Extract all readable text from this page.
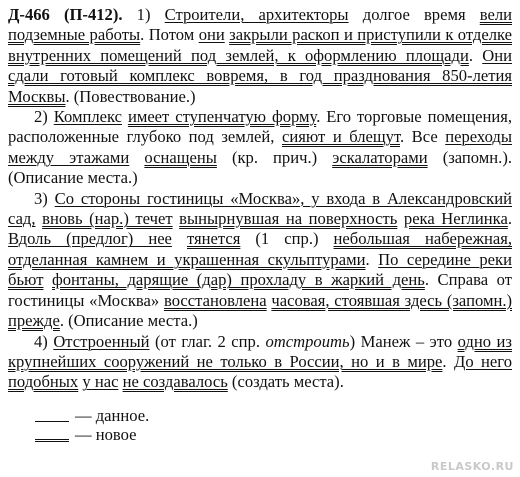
Д-466 (П-412). 1) Строители, архитекторы долгое время вели подземные работы. Потом они закрыли раскоп и приступили к отделке внутренних помещений под землей, к оформлению площади. Они сдали готовый комплекс вовремя, в год празднования 850-летия Москвы. (Повествование.)

2) Комплекс имеет ступенчатую форму. Его торговые помещения, расположенные глубоко под землей, сияют и блещут. Все переходы между этажами оснащены (кр. прич.) эскалаторами (запомн.). (Описание места.)

3) Со стороны гостиницы «Москва», у входа в Александровский сад, вновь (нар.) течет вынырнувшая на поверхность река Неглинка. Вдоль (предлог) нее тянется (1 спр.) небольшая набережная, отделанная камнем и украшенная скульптурами. По середине реки бьют фонтаны, дарящие (дар) прохладу в жаркий день. Справа от гостиницы «Москва» восстановлена часовая, стоявшая здесь (запомн.) прежде. (Описание места.)

4) Отстроенный (от глаг. 2 спр. отстроить) Манеж – это одно из крупнейших сооружений не только в России, но и в мире. До него подобных у нас не создавалось (создать места).

— данное.
— новое
RELASKO.RU
